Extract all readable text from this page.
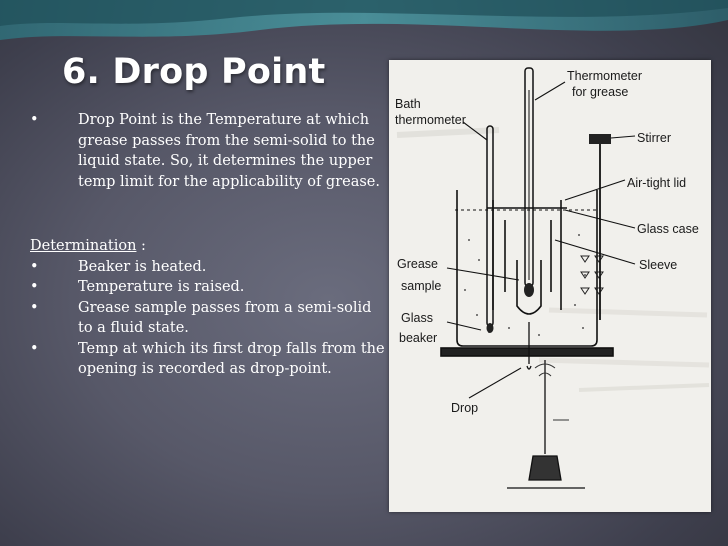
6. Drop Point
•	Drop Point is the Temperature at which grease passes from the semi-solid to the liquid state. So, it determines the upper temp limit for the applicability of grease.
Determination :
•	Beaker is heated.
•	Temperature is raised.
•	Grease sample passes from a semi-solid to a fluid state.
•	Temp at which its first drop falls from the opening is recorded as drop-point.
Thermometer
for grease
Bath
thermometer
Stirrer
Air-tight lid
Glass case
Sleeve
Grease
sample
Glass
beaker
Drop
